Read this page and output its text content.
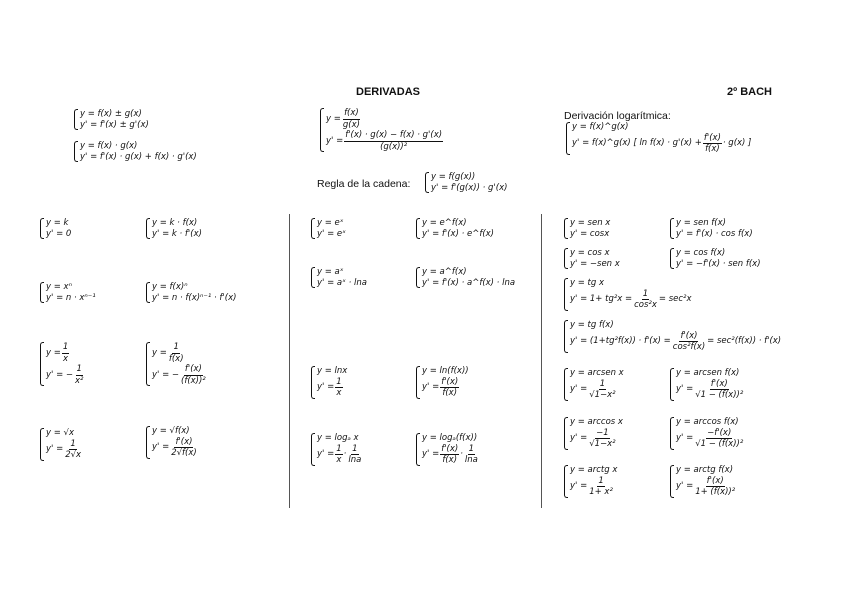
DERIVADAS	2º BACH
y = f(x) ± g(x)
y' = f'(x) ± g'(x)
y = f(x) · g(x)
y' = f'(x) · g(x) + f(x) · g'(x)
$y = \frac{f(x)}{g(x)}$
$y' = \frac{f'(x) \cdot g(x) - f(x) \cdot g'(x)}{\text{(g(x))²}}$
Regla de la cadena:
y = f(g(x))
y' = f'(g(x)) · g'(x)
Derivación logarítmica:
y = f(x)^g(x)
y' = f(x)^g(x) [ $\ln f(x) \cdot g'(x) + \frac{f'(x)}{f(x)} \cdot g(x)$ ]
y = k
y' = 0
y = k · f(x)
y' = k · f'(x)
y = xⁿ
y' = n · xⁿ⁻¹
y = f(x)ⁿ
y' = n · f(x)ⁿ⁻¹ · f'(x)
$y = \frac{1}{x}$
y' = − $\frac{1}{\text{x²}}$
$y = \frac{1}{f(x)}$
y' = − $\frac{f'(x)}{\text{(f(x))²}}$
y = √x
$y' = \frac{1}{2√x}$
y = √f(x)
$y' = \frac{f'(x)}{2√f(x)}$
y = eˣ
y' = eˣ
y = e^f(x)
y' = f'(x) · e^f(x)
y = aˣ
y' = aˣ · lna
y = a^f(x)
y' = f'(x) · a^f(x) · lna
y = lnx
$y' = \frac{1}{x}$
y = ln(f(x))
$y' = \frac{f'(x)}{f(x)}$
y = logₐ x
$y' = \frac{1}{x} \cdot \frac{1}{\ln a}$
y = logₐ(f(x))
$y' = \frac{f'(x)}{f(x)} \cdot \frac{1}{\ln a}$
y = sen x
y' = cosx
y = sen f(x)
y' = f'(x) · cos f(x)
y = cos x
y' = −sen x
y = cos f(x)
y' = −f'(x) · sen f(x)
y = tg x
$y' = 1+ tg^2x = \frac{1}{\text{cos²x}} = \sec^2x$
y = tg f(x)
$y' = (1+tg^2f(x)) \cdot f'(x) = \frac{f'(x)}{\text{cos²f(x)}} = \sec^2(f(x)) \cdot f'(x)$
y = arcsen x
$y' = \frac{1}{\text{√1−x²}}$
y = arcsen f(x)
$y' = \frac{f'(x)}{\text{√1 − (f(x))²}}$
y = arccos x
$y' = \frac{-1}{\text{√1−x²}}$
y = arccos f(x)
$y' = \frac{-f'(x)}{\text{√1 − (f(x))²}}$
y = arctg x
$y' = \frac{1}{\text{1+ x²}}$
y = arctg f(x)
$y' = \frac{f'(x)}{\text{1+ (f(x))²}}$
